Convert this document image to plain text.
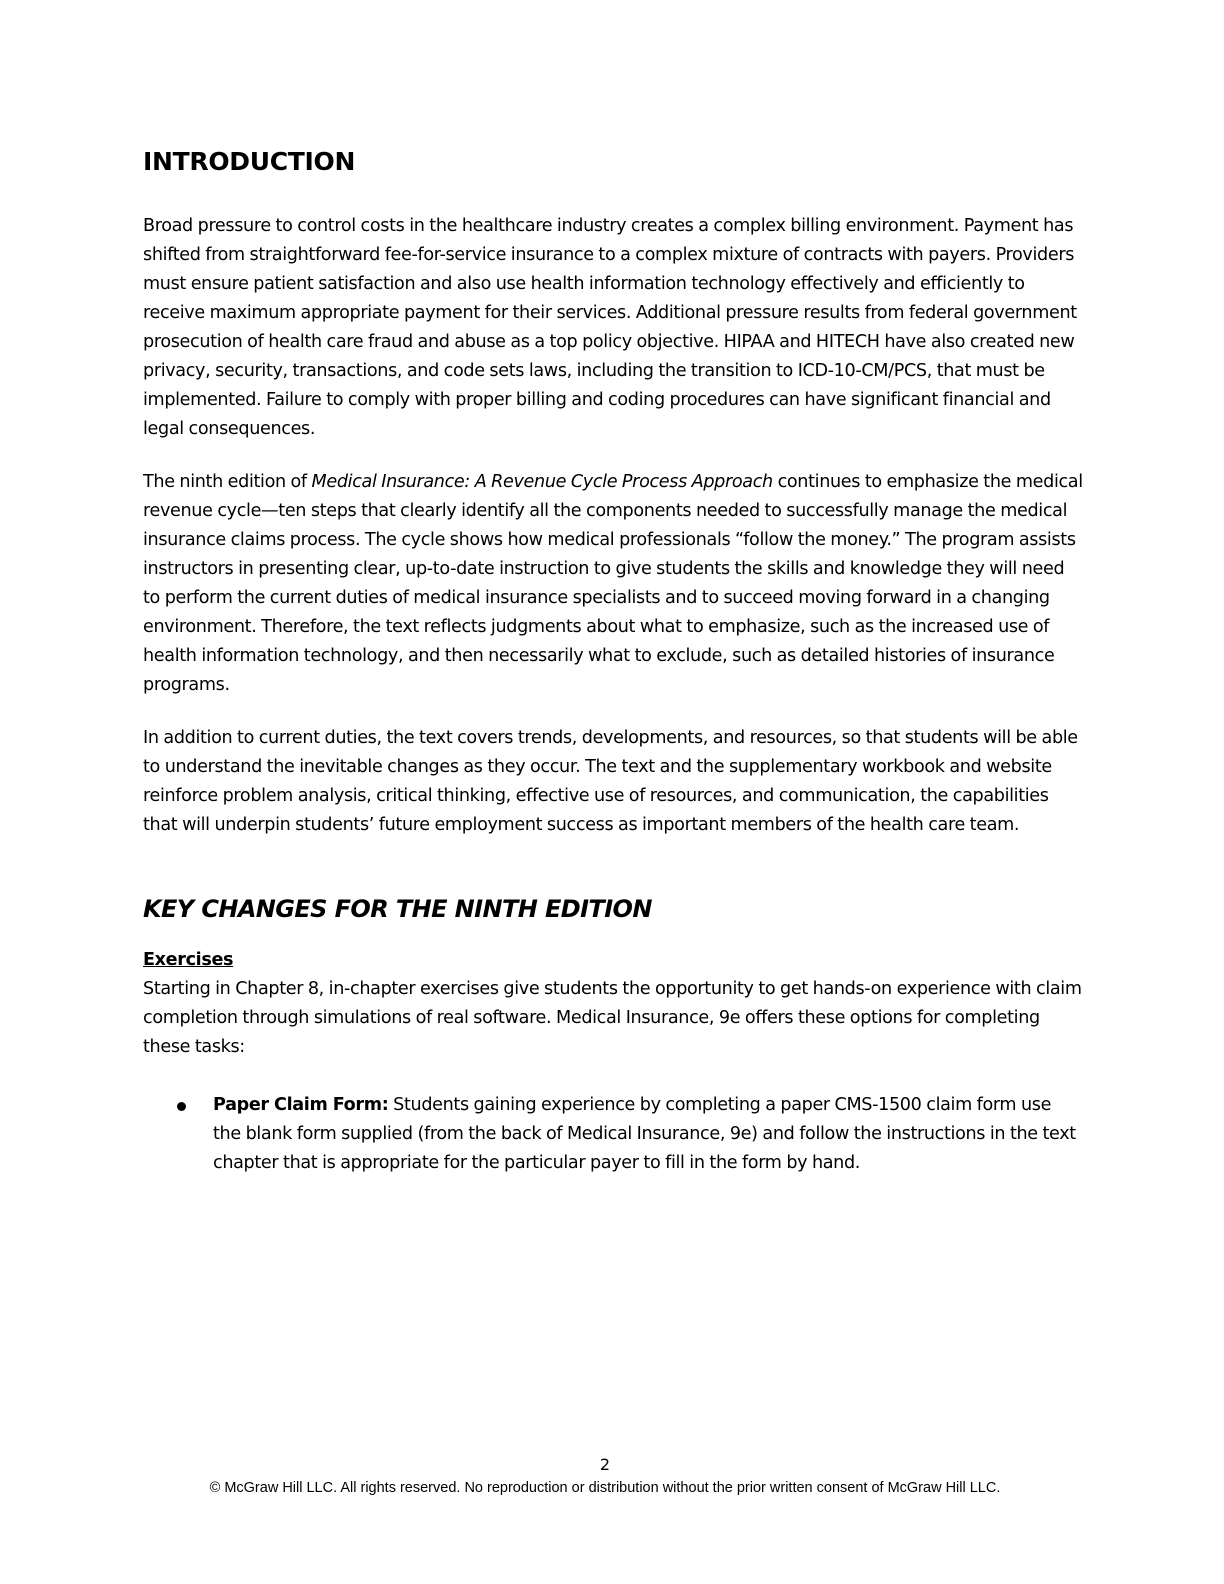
INTRODUCTION

Broad pressure to control costs in the healthcare industry creates a complex billing environment. Payment has shifted from straightforward fee-for-service insurance to a complex mixture of contracts with payers. Providers must ensure patient satisfaction and also use health information technology effectively and efficiently to receive maximum appropriate payment for their services. Additional pressure results from federal government prosecution of health care fraud and abuse as a top policy objective. HIPAA and HITECH have also created new privacy, security, transactions, and code sets laws, including the transition to ICD-10-CM/PCS, that must be implemented. Failure to comply with proper billing and coding procedures can have significant financial and legal consequences.

The ninth edition of Medical Insurance: A Revenue Cycle Process Approach continues to emphasize the medical revenue cycle—ten steps that clearly identify all the components needed to successfully manage the medical insurance claims process. The cycle shows how medical professionals “follow the money.” The program assists instructors in presenting clear, up-to-date instruction to give students the skills and knowledge they will need to perform the current duties of medical insurance specialists and to succeed moving forward in a changing environment. Therefore, the text reflects judgments about what to emphasize, such as the increased use of health information technology, and then necessarily what to exclude, such as detailed histories of insurance programs.

In addition to current duties, the text covers trends, developments, and resources, so that students will be able to understand the inevitable changes as they occur. The text and the supplementary workbook and website reinforce problem analysis, critical thinking, effective use of resources, and communication, the capabilities that will underpin students’ future employment success as important members of the health care team.

KEY CHANGES FOR THE NINTH EDITION

Exercises

Starting in Chapter 8, in-chapter exercises give students the opportunity to get hands-on experience with claim completion through simulations of real software. Medical Insurance, 9e offers these options for completing these tasks:

Paper Claim Form: Students gaining experience by completing a paper CMS-1500 claim form use the blank form supplied (from the back of Medical Insurance, 9e) and follow the instructions in the text chapter that is appropriate for the particular payer to fill in the form by hand.
2
© McGraw Hill LLC. All rights reserved. No reproduction or distribution without the prior written consent of McGraw Hill LLC.
